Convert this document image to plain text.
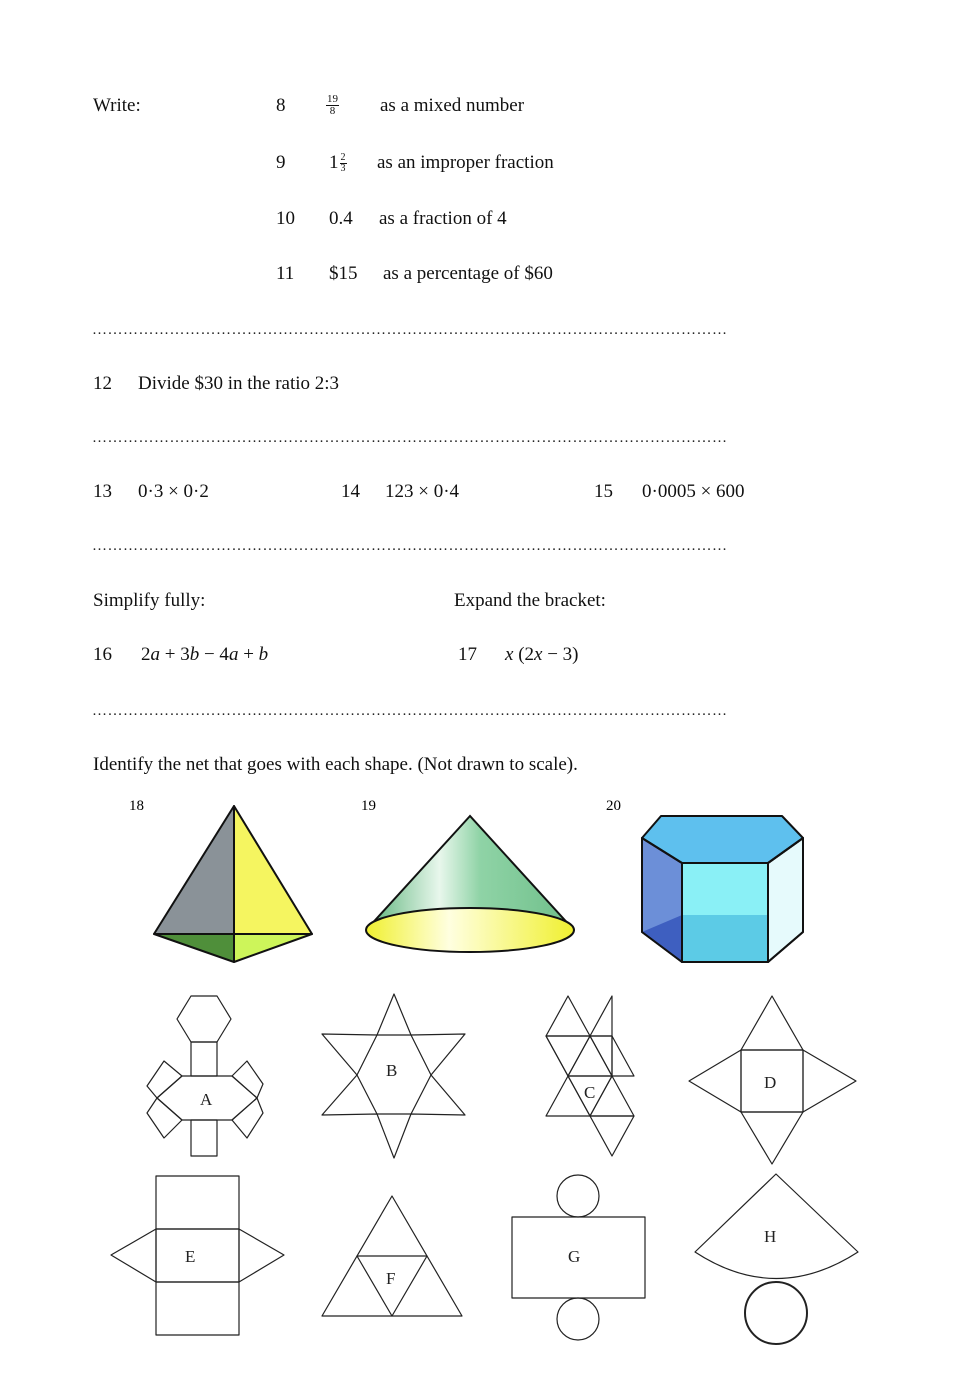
Write:	8	$\frac{19}{8}$ as a mixed number
9 $1 \frac{2}{3}$ as an improper fraction
10 0.4 as a fraction of 4
11 $15 as a percentage of $60
……………………………………………………………………………………………………………
12 Divide $30 in the ratio 2:3
……………………………………………………………………………………………………………
13 0·3 × 0·2	14 123 × 0·4	15 0·0005 × 600
……………………………………………………………………………………………………………
Simplify fully:	Expand the bracket:
16 2a + 3b − 4a + b	17 x (2x − 3)
……………………………………………………………………………………………………………
Identify the net that goes with each shape. (Not drawn to scale).
18	19	20
A
B
C
D
E
F
G
H
